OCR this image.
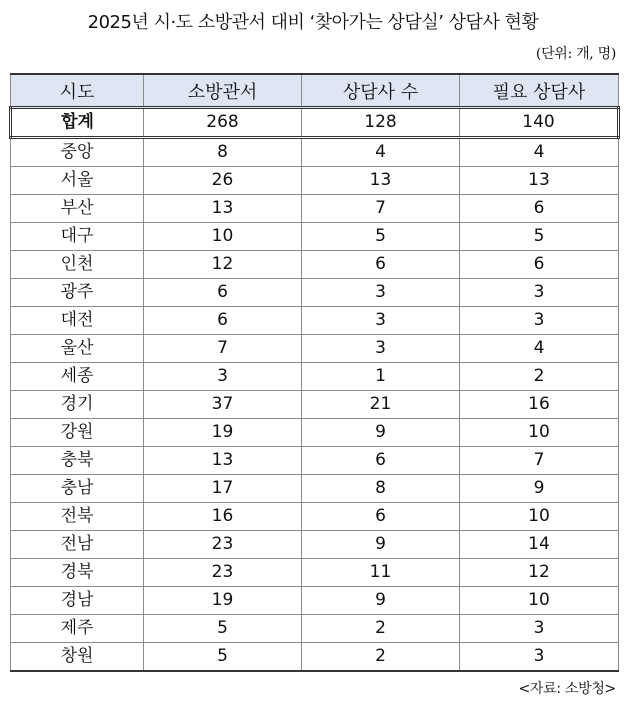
2025년 시·도 소방관서 대비 ‘찾아가는 상담실’ 상담사 현황
(단위: 개, 명)
시도	소방관서	상담사 수	필요 상담사
합계	268	128	140
중앙	8	4	4
서울	26	13	13
부산	13	7	6
대구	10	5	5
인천	12	6	6
광주	6	3	3
대전	6	3	3
울산	7	3	4
세종	3	1	2
경기	37	21	16
강원	19	9	10
충북	13	6	7
충남	17	8	9
전북	16	6	10
전남	23	9	14
경북	23	11	12
경남	19	9	10
제주	5	2	3
창원	5	2	3
<자료: 소방청>
